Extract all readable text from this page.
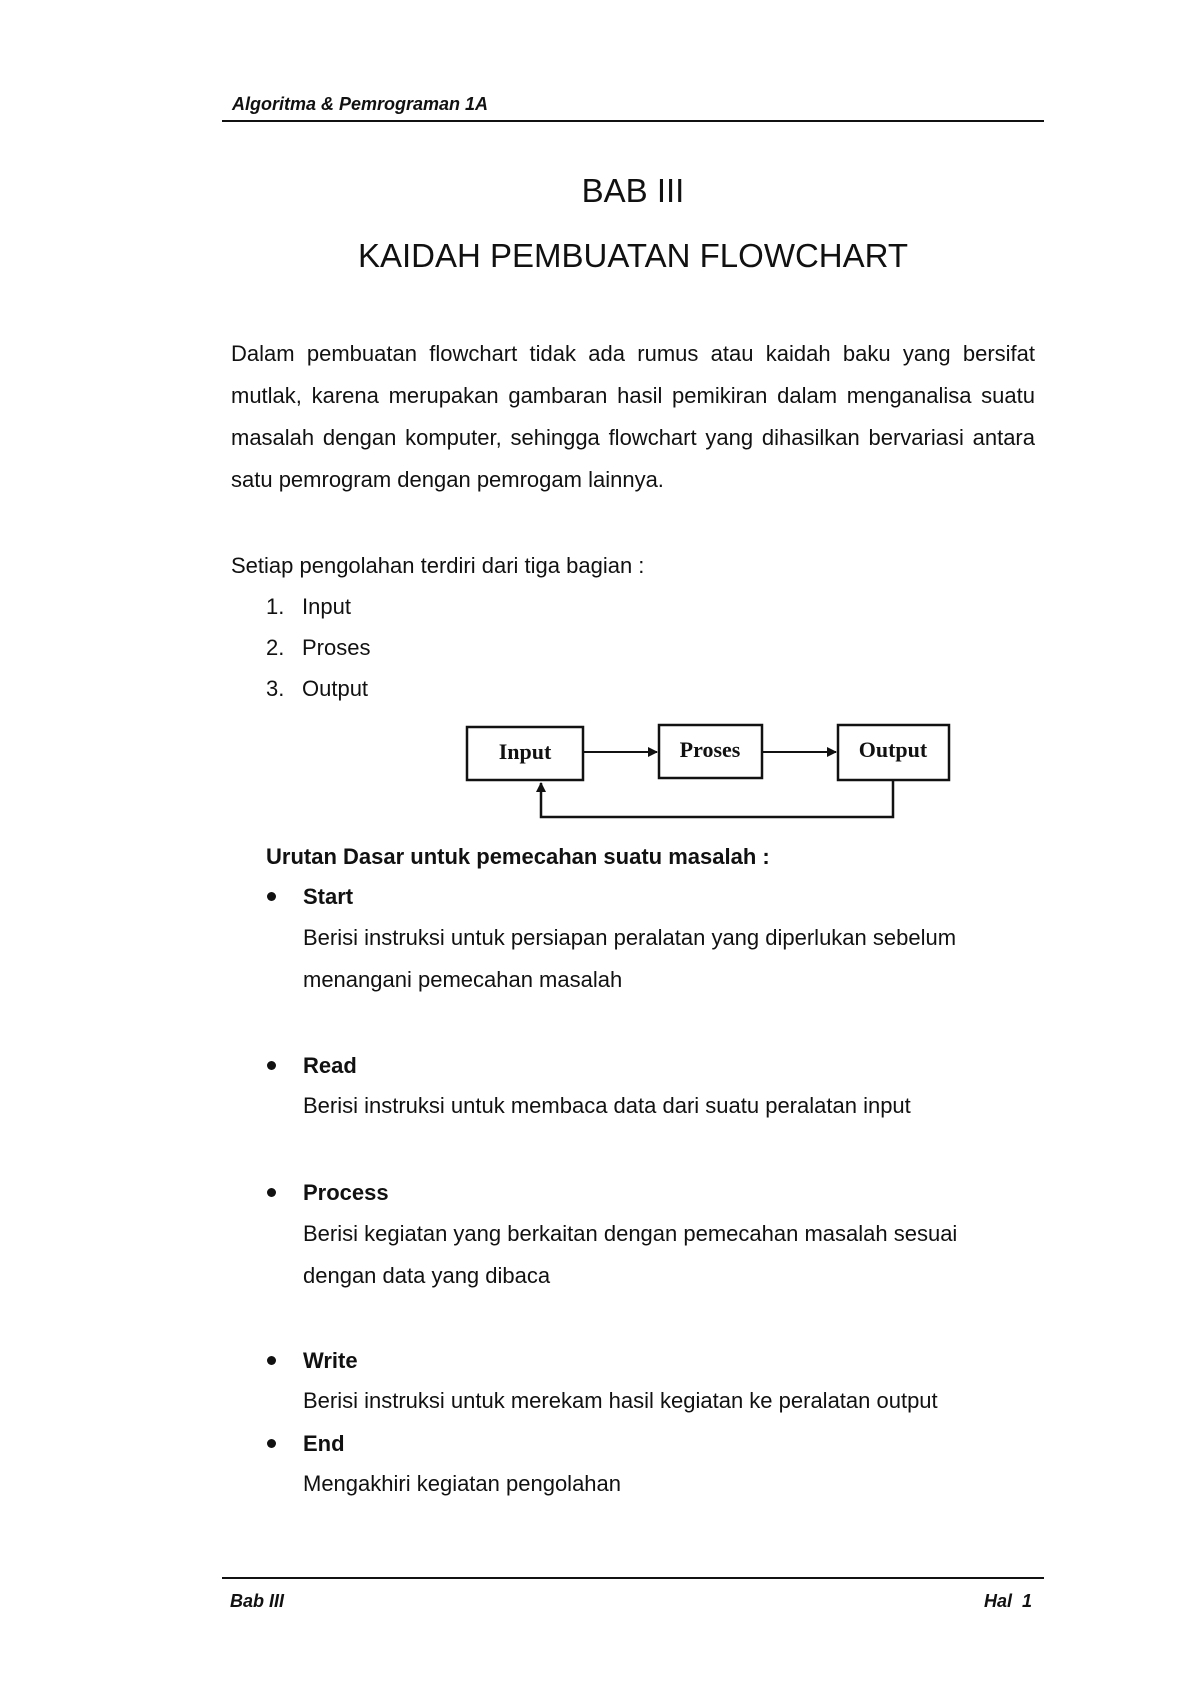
Algoritma & Pemrograman 1A
BAB III
KAIDAH PEMBUATAN FLOWCHART

Dalam pembuatan flowchart tidak ada rumus atau kaidah baku yang bersifat mutlak, karena merupakan gambaran hasil pemikiran dalam menganalisa suatu masalah dengan komputer, sehingga flowchart yang dihasilkan bervariasi antara satu pemrogram dengan pemrogam lainnya.

Setiap pengolahan terdiri dari tiga bagian :
1. Input
2. Proses
3. Output
Input	Proses	Output
Urutan Dasar untuk pemecahan suatu masalah :
Start

Berisi instruksi untuk persiapan peralatan yang diperlukan sebelum menangani pemecahan masalah

Read

Berisi instruksi untuk membaca data dari suatu peralatan input

Process

Berisi kegiatan yang berkaitan dengan pemecahan masalah sesuai dengan data yang dibaca

Write

Berisi instruksi untuk merekam hasil kegiatan ke peralatan output

End

Mengakhiri kegiatan pengolahan

Bab III	Hal  1
